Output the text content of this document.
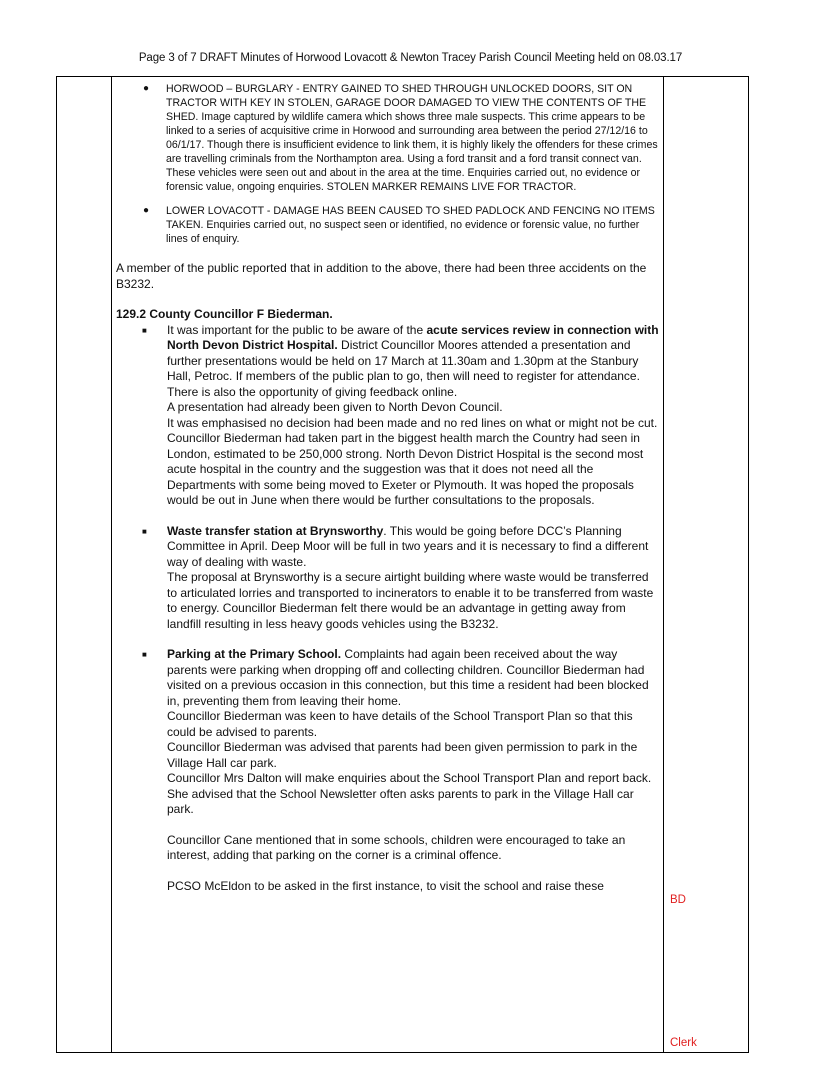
Page 3 of 7 DRAFT Minutes of Horwood Lovacott & Newton Tracey Parish Council Meeting held on 08.03.17
● HORWOOD – BURGLARY - ENTRY GAINED TO SHED THROUGH UNLOCKED DOORS, SIT ON TRACTOR WITH KEY IN STOLEN, GARAGE DOOR DAMAGED TO VIEW THE CONTENTS OF THE SHED. Image captured by wildlife camera which shows three male suspects. This crime appears to be linked to a series of acquisitive crime in Horwood and surrounding area between the period 27/12/16 to 06/1/17. Though there is insufficient evidence to link them, it is highly likely the offenders for these crimes are travelling criminals from the Northampton area. Using a ford transit and a ford transit connect van. These vehicles were seen out and about in the area at the time. Enquiries carried out, no evidence or forensic value, ongoing enquiries. STOLEN MARKER REMAINS LIVE FOR TRACTOR.

● LOWER LOVACOTT - DAMAGE HAS BEEN CAUSED TO SHED PADLOCK AND FENCING NO ITEMS TAKEN. Enquiries carried out, no suspect seen or identified, no evidence or forensic value, no further lines of enquiry.

A member of the public reported that in addition to the above, there had been three accidents on the B3232.

129.2 County Councillor F Biederman.

■ It was important for the public to be aware of the acute services review in connection with North Devon District Hospital. District Councillor Moores attended a presentation and further presentations would be held on 17 March at 11.30am and 1.30pm at the Stanbury Hall, Petroc. If members of the public plan to go, then will need to register for attendance. There is also the opportunity of giving feedback online.

A presentation had already been given to North Devon Council.

It was emphasised no decision had been made and no red lines on what or might not be cut.

Councillor Biederman had taken part in the biggest health march the Country had seen in London, estimated to be 250,000 strong. North Devon District Hospital is the second most acute hospital in the country and the suggestion was that it does not need all the Departments with some being moved to Exeter or Plymouth. It was hoped the proposals would be out in June when there would be further consultations to the proposals.

■ Waste transfer station at Brynsworthy. This would be going before DCC’s Planning Committee in April. Deep Moor will be full in two years and it is necessary to find a different way of dealing with waste.

The proposal at Brynsworthy is a secure airtight building where waste would be transferred to articulated lorries and transported to incinerators to enable it to be transferred from waste to energy. Councillor Biederman felt there would be an advantage in getting away from landfill resulting in less heavy goods vehicles using the B3232.

■ Parking at the Primary School. Complaints had again been received about the way parents were parking when dropping off and collecting children. Councillor Biederman had visited on a previous occasion in this connection, but this time a resident had been blocked in, preventing them from leaving their home.

Councillor Biederman was keen to have details of the School Transport Plan so that this could be advised to parents.

Councillor Biederman was advised that parents had been given permission to park in the Village Hall car park.

Councillor Mrs Dalton will make enquiries about the School Transport Plan and report back. She advised that the School Newsletter often asks parents to park in the Village Hall car park.

Councillor Cane mentioned that in some schools, children were encouraged to take an interest, adding that parking on the corner is a criminal offence.

PCSO McEldon to be asked in the first instance, to visit the school and raise these

BD
Clerk
